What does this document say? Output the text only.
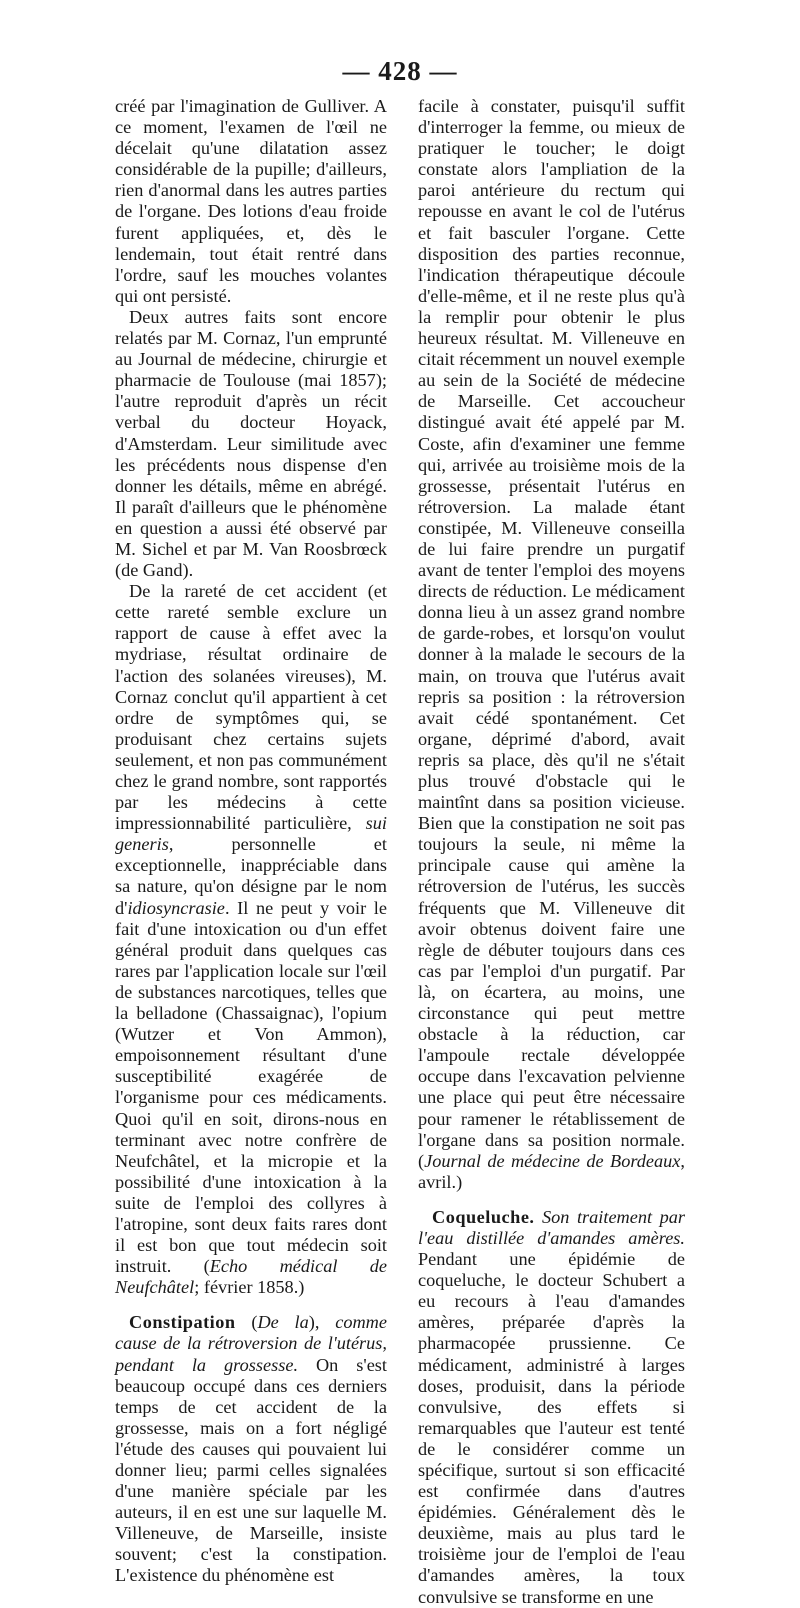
— 428 —

créé par l'imagination de Gulliver. A ce moment, l'examen de l'œil ne décelait qu'une dilatation assez considérable de la pupille; d'ailleurs, rien d'anormal dans les autres parties de l'organe. Des lotions d'eau froide furent appliquées, et, dès le lendemain, tout était rentré dans l'ordre, sauf les mouches volantes qui ont persisté.

Deux autres faits sont encore relatés par M. Cornaz, l'un emprunté au Journal de médecine, chirurgie et pharmacie de Toulouse (mai 1857); l'autre reproduit d'après un récit verbal du docteur Hoyack, d'Amsterdam. Leur similitude avec les précédents nous dispense d'en donner les détails, même en abrégé. Il paraît d'ailleurs que le phénomène en question a aussi été observé par M. Sichel et par M. Van Roosbrœck (de Gand).

De la rareté de cet accident (et cette rareté semble exclure un rapport de cause à effet avec la mydriase, résultat ordinaire de l'action des solanées vireuses), M. Cornaz conclut qu'il appartient à cet ordre de symptômes qui, se produisant chez certains sujets seulement, et non pas communément chez le grand nombre, sont rapportés par les médecins à cette impressionnabilité particulière, sui generis, personnelle et exceptionnelle, inappréciable dans sa nature, qu'on désigne par le nom d'idiosyncrasie. Il ne peut y voir le fait d'une intoxication ou d'un effet général produit dans quelques cas rares par l'application locale sur l'œil de substances narcotiques, telles que la belladone (Chassaignac), l'opium (Wutzer et Von Ammon), empoisonnement résultant d'une susceptibilité exagérée de l'organisme pour ces médicaments. Quoi qu'il en soit, dirons-nous en terminant avec notre confrère de Neufchâtel, et la micropie et la possibilité d'une intoxication à la suite de l'emploi des collyres à l'atropine, sont deux faits rares dont il est bon que tout médecin soit instruit. (Echo médical de Neufchâtel; février 1858.)

Constipation (De la), comme cause de la rétroversion de l'utérus, pendant la grossesse. On s'est beaucoup occupé dans ces derniers temps de cet accident de la grossesse, mais on a fort négligé l'étude des causes qui pouvaient lui donner lieu; parmi celles signalées d'une manière spéciale par les auteurs, il en est une sur laquelle M. Villeneuve, de Marseille, insiste souvent; c'est la constipation. L'existence du phénomène est

facile à constater, puisqu'il suffit d'interroger la femme, ou mieux de pratiquer le toucher; le doigt constate alors l'ampliation de la paroi antérieure du rectum qui repousse en avant le col de l'utérus et fait basculer l'organe. Cette disposition des parties reconnue, l'indication thérapeutique découle d'elle-même, et il ne reste plus qu'à la remplir pour obtenir le plus heureux résultat. M. Villeneuve en citait récemment un nouvel exemple au sein de la Société de médecine de Marseille. Cet accoucheur distingué avait été appelé par M. Coste, afin d'examiner une femme qui, arrivée au troisième mois de la grossesse, présentait l'utérus en rétroversion. La malade étant constipée, M. Villeneuve conseilla de lui faire prendre un purgatif avant de tenter l'emploi des moyens directs de réduction. Le médicament donna lieu à un assez grand nombre de garde-robes, et lorsqu'on voulut donner à la malade le secours de la main, on trouva que l'utérus avait repris sa position : la rétroversion avait cédé spontanément. Cet organe, déprimé d'abord, avait repris sa place, dès qu'il ne s'était plus trouvé d'obstacle qui le maintînt dans sa position vicieuse. Bien que la constipation ne soit pas toujours la seule, ni même la principale cause qui amène la rétroversion de l'utérus, les succès fréquents que M. Villeneuve dit avoir obtenus doivent faire une règle de débuter toujours dans ces cas par l'emploi d'un purgatif. Par là, on écartera, au moins, une circonstance qui peut mettre obstacle à la réduction, car l'ampoule rectale développée occupe dans l'excavation pelvienne une place qui peut être nécessaire pour ramener le rétablissement de l'organe dans sa position normale. (Journal de médecine de Bordeaux, avril.)

Coqueluche. Son traitement par l'eau distillée d'amandes amères. Pendant une épidémie de coqueluche, le docteur Schubert a eu recours à l'eau d'amandes amères, préparée d'après la pharmacopée prussienne. Ce médicament, administré à larges doses, produisit, dans la période convulsive, des effets si remarquables que l'auteur est tenté de le considérer comme un spécifique, surtout si son efficacité est confirmée dans d'autres épidémies. Généralement dès le deuxième, mais au plus tard le troisième jour de l'emploi de l'eau d'amandes amères, la toux convulsive se transforme en une
